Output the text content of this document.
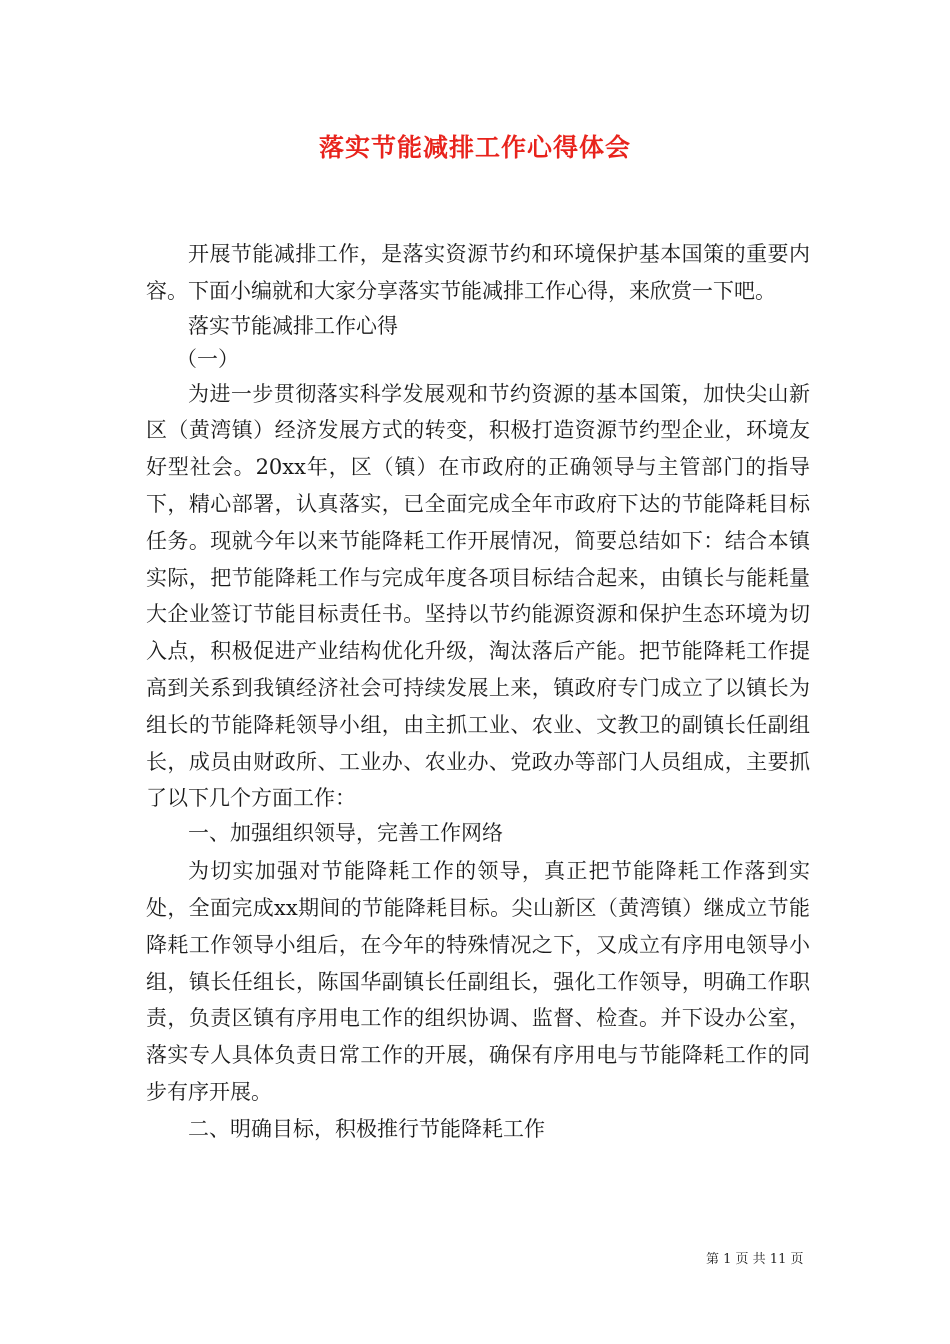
落实节能减排工作心得体会

开展节能减排工作，是落实资源节约和环境保护基本国策的重要内容。下面小编就和大家分享落实节能减排工作心得，来欣赏一下吧。

落实节能减排工作心得

（一）

为进一步贯彻落实科学发展观和节约资源的基本国策，加快尖山新区（黄湾镇）经济发展方式的转变，积极打造资源节约型企业，环境友好型社会。20xx年，区（镇）在市政府的正确领导与主管部门的指导下，精心部署，认真落实，已全面完成全年市政府下达的节能降耗目标任务。现就今年以来节能降耗工作开展情况，简要总结如下：结合本镇实际，把节能降耗工作与完成年度各项目标结合起来，由镇长与能耗量大企业签订节能目标责任书。坚持以节约能源资源和保护生态环境为切入点，积极促进产业结构优化升级，淘汰落后产能。把节能降耗工作提高到关系到我镇经济社会可持续发展上来，镇政府专门成立了以镇长为组长的节能降耗领导小组，由主抓工业、农业、文教卫的副镇长任副组长，成员由财政所、工业办、农业办、党政办等部门人员组成，主要抓了以下几个方面工作：

一、加强组织领导，完善工作网络

为切实加强对节能降耗工作的领导，真正把节能降耗工作落到实处，全面完成xx期间的节能降耗目标。尖山新区（黄湾镇）继成立节能降耗工作领导小组后，在今年的特殊情况之下，又成立有序用电领导小组，镇长任组长，陈国华副镇长任副组长，强化工作领导，明确工作职责，负责区镇有序用电工作的组织协调、监督、检查。并下设办公室，落实专人具体负责日常工作的开展，确保有序用电与节能降耗工作的同步有序开展。

二、明确目标，积极推行节能降耗工作

第 1 页 共 11 页
